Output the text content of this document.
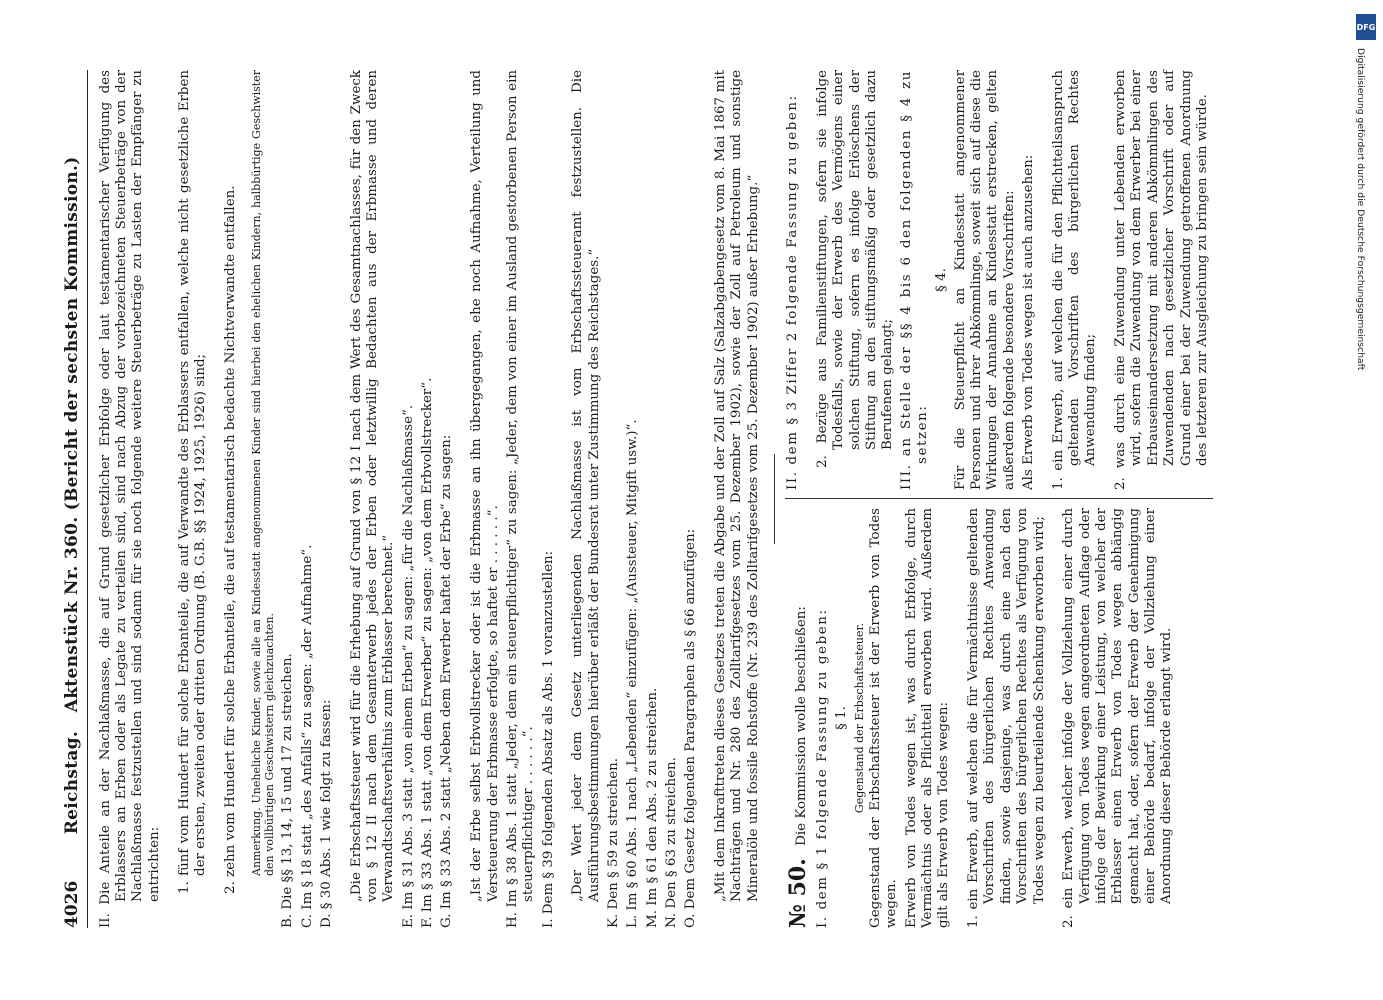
4026
Reichstag.   Aktenstück Nr. 360. (Bericht der sechsten Kommission.)

II. Die Anteile an der Nachlaßmasse, die auf Grund gesetzlicher Erbfolge oder laut testamentarischer Verfügung des Erblassers an Erben oder als Legate zu verteilen sind, sind nach Abzug der vorbezeichneten Steuerbeträge von der Nachlaßmasse festzustellen und sind sodann für sie noch folgende weitere Steuerbeträge zu Lasten der Empfänger zu entrichten: 1. fünf vom Hundert für solche Erbanteile, die auf Verwandte des Erblassers entfallen, welche nicht gesetzliche Erben der ersten, zweiten oder dritten Ordnung (B. G.B. §§ 1924, 1925, 1926) sind; 2. zehn vom Hundert für solche Erbanteile, die auf testamentarisch bedachte Nichtverwandte entfallen. Anmerkung. Uneheliche Kinder, sowie alle an Kindesstatt angenommenen Kinder sind hierbei den ehelichen Kindern, halbbürtige Geschwister den vollbürtigen Geschwistern gleichzuachten. B. Die §§ 13, 14, 15 und 17 zu streichen. C. Im § 18 statt „des Anfalls“ zu sagen: „der Aufnahme“. D. § 30 Abs. 1 wie folgt zu fassen: „Die Erbschaftssteuer wird für die Erhebung auf Grund von § 12 I nach dem Wert des Gesamtnachlasses, für den Zweck von § 12 II nach dem Gesamterwerb jedes der Erben oder letztwillig Bedachten aus der Erbmasse und deren Verwandtschaftsverhältnis zum Erblasser berechnet.“ E. Im § 31 Abs. 3 statt „von einem Erben“ zu sagen: „für die Nachlaßmasse“. F. Im § 33 Abs. 1 statt „von dem Erwerber“ zu sagen: „von dem Erbvollstrecker“. G. Im § 33 Abs. 2 statt „Neben dem Erwerber haftet der Erbe“ zu sagen: „Ist der Erbe selbst Erbvollstrecker oder ist die Erbmasse an ihn übergegangen, ehe noch Aufnahme, Verteilung und Versteuerung der Erbmasse erfolgte, so haftet er . . . . . .“. H. Im § 38 Abs. 1 statt „Jeder, dem ein steuerpflichtiger“ zu sagen: „Jeder, dem von einer im Ausland gestorbenen Person ein steuerpflichtiger . . . . . .“. I. Dem § 39 folgenden Absatz als Abs. 1 voranzustellen: „Der Wert jeder dem Gesetz unterliegenden Nachlaßmasse ist vom Erbschaftssteueramt festzustellen. Die Ausführungsbestimmungen hierüber erläßt der Bundesrat unter Zustimmung des Reichstages.“ K. Den § 59 zu streichen. L. Im § 60 Abs. 1 nach „Lebenden“ einzufügen: „(Aussteuer, Mitgift usw.)“. M. Im § 61 den Abs. 2 zu streichen. N. Den § 63 zu streichen. O. Dem Gesetz folgenden Paragraphen als § 66 anzufügen: „Mit dem Inkrafttreten dieses Gesetzes treten die Abgabe und der Zoll auf Salz (Salzabgabengesetz vom 8. Mai 1867 mit Nachträgen und Nr. 280 des Zolltarifgesetzes vom 25. Dezember 1902), sowie der Zoll auf Petroleum und sonstige Mineralöle und fossile Rohstoffe (Nr. 239 des Zolltarifgesetzes vom 25. Dezember 1902) außer Erhebung.“ № 50. Die Kommission wolle beschließen: I. dem § 1 folgende Fassung zu geben: § 1. Gegenstand der Erbschaftssteuer. Gegenstand der Erbschaftssteuer ist der Erwerb von Todes wegen. Erwerb von Todes wegen ist, was durch Erbfolge, durch Vermächtnis oder als Pflichtteil erworben wird. Außerdem gilt als Erwerb von Todes wegen: 1. ein Erwerb, auf welchen die für Vermächtnisse geltenden Vorschriften des bürgerlichen Rechtes Anwendung finden, sowie dasjenige, was durch eine nach den Vorschriften des bürgerlichen Rechtes als Verfügung von Todes wegen zu beurteilende Schenkung erworben wird; 2. ein Erwerb, welcher infolge der Vollziehung einer durch Verfügung von Todes wegen angeordneten Auflage oder infolge der Bewirkung einer Leistung, von welcher der Erblasser einen Erwerb von Todes wegen abhängig gemacht hat, oder, sofern der Erwerb der Genehmigung einer Behörde bedarf, infolge der Vollziehung einer Anordnung dieser Behörde erlangt wird.

II. dem § 3 Ziffer 2 folgende Fassung zu geben: 2. Bezüge aus Familienstiftungen, sofern sie infolge Todesfalls, sowie der Erwerb des Vermögens einer solchen Stiftung, sofern es infolge Erlöschens der Stiftung an den stiftungsmäßig oder gesetzlich dazu Berufenen gelangt; III. an Stelle der §§ 4 bis 6 den folgenden § 4 zu setzen:

§ 4. Für die Steuerpflicht an Kindesstatt angenommener Personen und ihrer Abkömmlinge, soweit sich auf diese die Wirkungen der Annahme an Kindesstatt erstrecken, gelten außerdem folgende besondere Vorschriften: Als Erwerb von Todes wegen ist auch anzusehen: 1. ein Erwerb, auf welchen die für den Pflichtteilsanspruch geltenden Vorschriften des bürgerlichen Rechtes Anwendung finden; 2. was durch eine Zuwendung unter Lebenden erworben wird, sofern die Zuwendung von dem Erwerber bei einer Erbauseinandersetzung mit anderen Abkömmlingen des Zuwendenden nach gesetzlicher Vorschrift oder auf Grund einer bei der Zuwendung getroffenen Anordnung des letzteren zur Ausgleichung zu bringen sein würde.

DFG
Digitalisierung gefördert durch die Deutsche Forschungsgemeinschaft
